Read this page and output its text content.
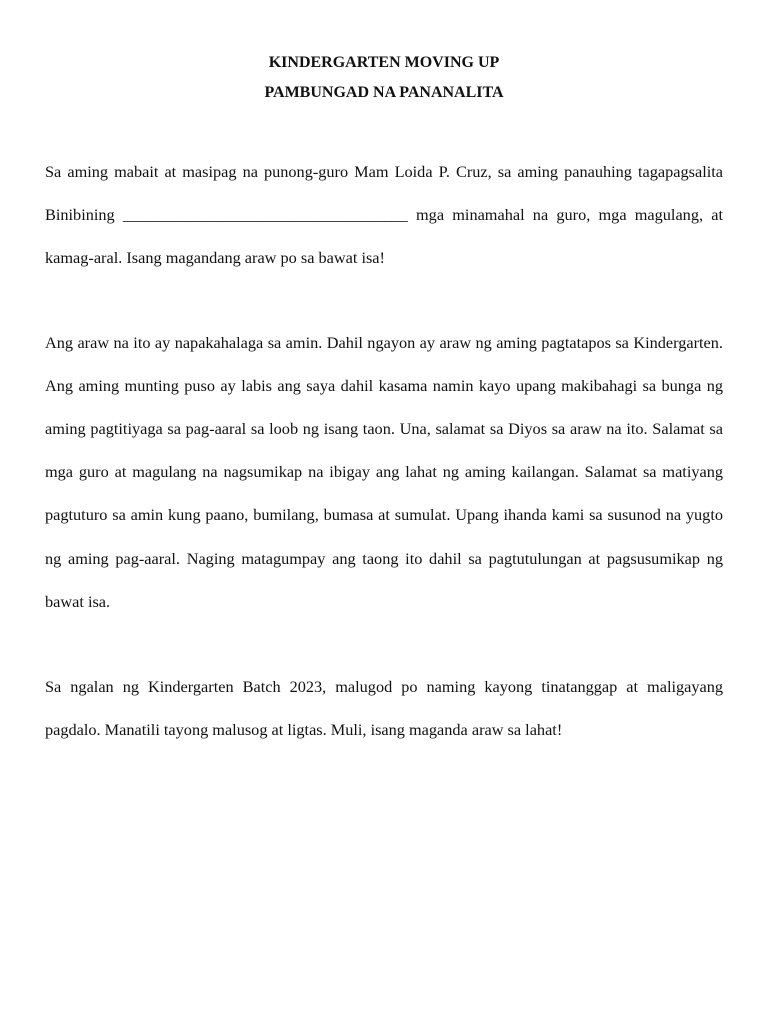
KINDERGARTEN MOVING UP

PAMBUNGAD NA PANANALITA

Sa aming mabait at masipag na punong-guro Mam Loida P. Cruz, sa aming panauhing tagapagsalita Binibining ___________________________________ mga minamahal na guro, mga magulang, at kamag-aral. Isang magandang araw po sa bawat isa!

Ang araw na ito ay napakahalaga sa amin. Dahil ngayon ay araw ng aming pagtatapos sa Kindergarten. Ang aming munting puso ay labis ang saya dahil kasama namin kayo upang makibahagi sa bunga ng aming pagtitiyaga sa pag-aaral sa loob ng isang taon. Una, salamat sa Diyos sa araw na ito. Salamat sa mga guro at magulang na nagsumikap na ibigay ang lahat ng aming kailangan. Salamat sa matiyang pagtuturo sa amin kung paano, bumilang, bumasa at sumulat. Upang ihanda kami sa susunod na yugto ng aming pag-aaral. Naging matagumpay ang taong ito dahil sa pagtutulungan at pagsusumikap ng bawat isa.

Sa ngalan ng Kindergarten Batch 2023, malugod po naming kayong tinatanggap at maligayang pagdalo. Manatili tayong malusog at ligtas. Muli, isang maganda araw sa lahat!
